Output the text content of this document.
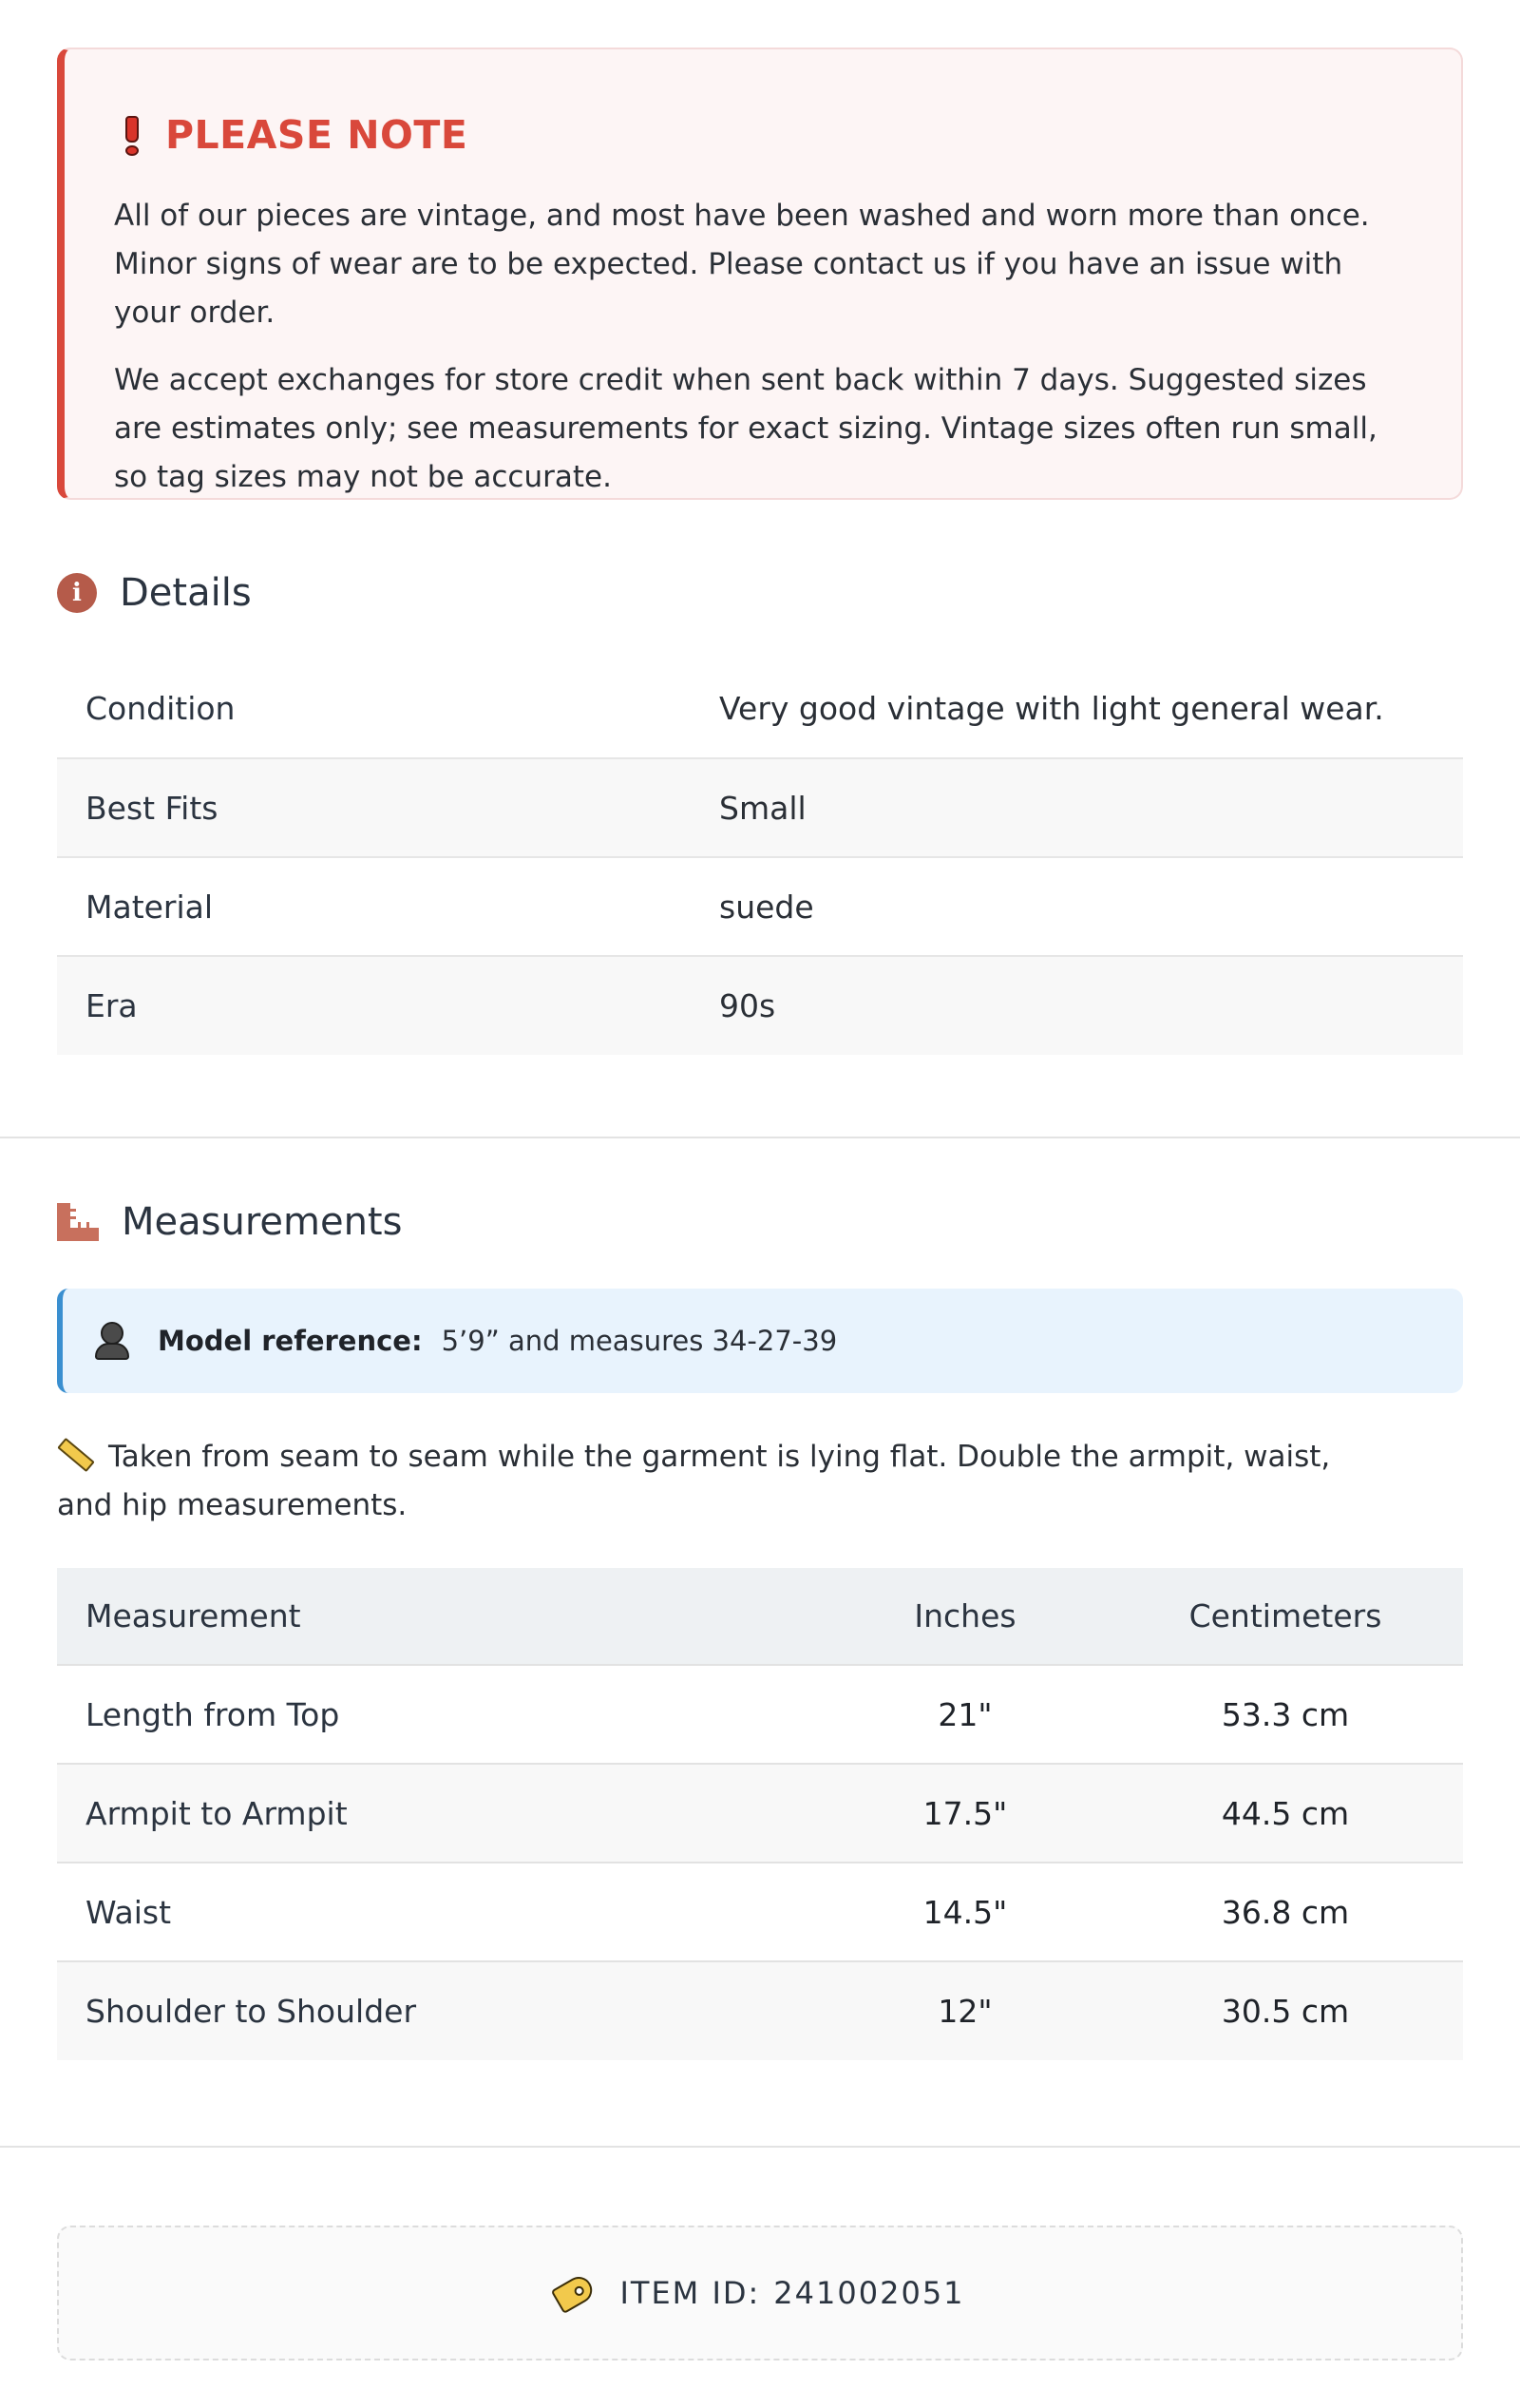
PLEASE NOTE

All of our pieces are vintage, and most have been washed and worn more than once. Minor signs of wear are to be expected. Please contact us if you have an issue with your order.

We accept exchanges for store credit when sent back within 7 days. Suggested sizes are estimates only; see measurements for exact sizing. Vintage sizes often run small, so tag sizes may not be accurate.

i	Details
Condition	Very good vintage with light general wear.
Best Fits	Small
Material	suede
Era	90s
Measurements
Model reference: 5’9” and measures 34-27-39
Taken from seam to seam while the garment is lying flat. Double the armpit, waist, and hip measurements.
Measurement	Inches	Centimeters
Length from Top	21"	53.3 cm
Armpit to Armpit	17.5"	44.5 cm
Waist	14.5"	36.8 cm
Shoulder to Shoulder	12"	30.5 cm
ITEM ID: 241002051
